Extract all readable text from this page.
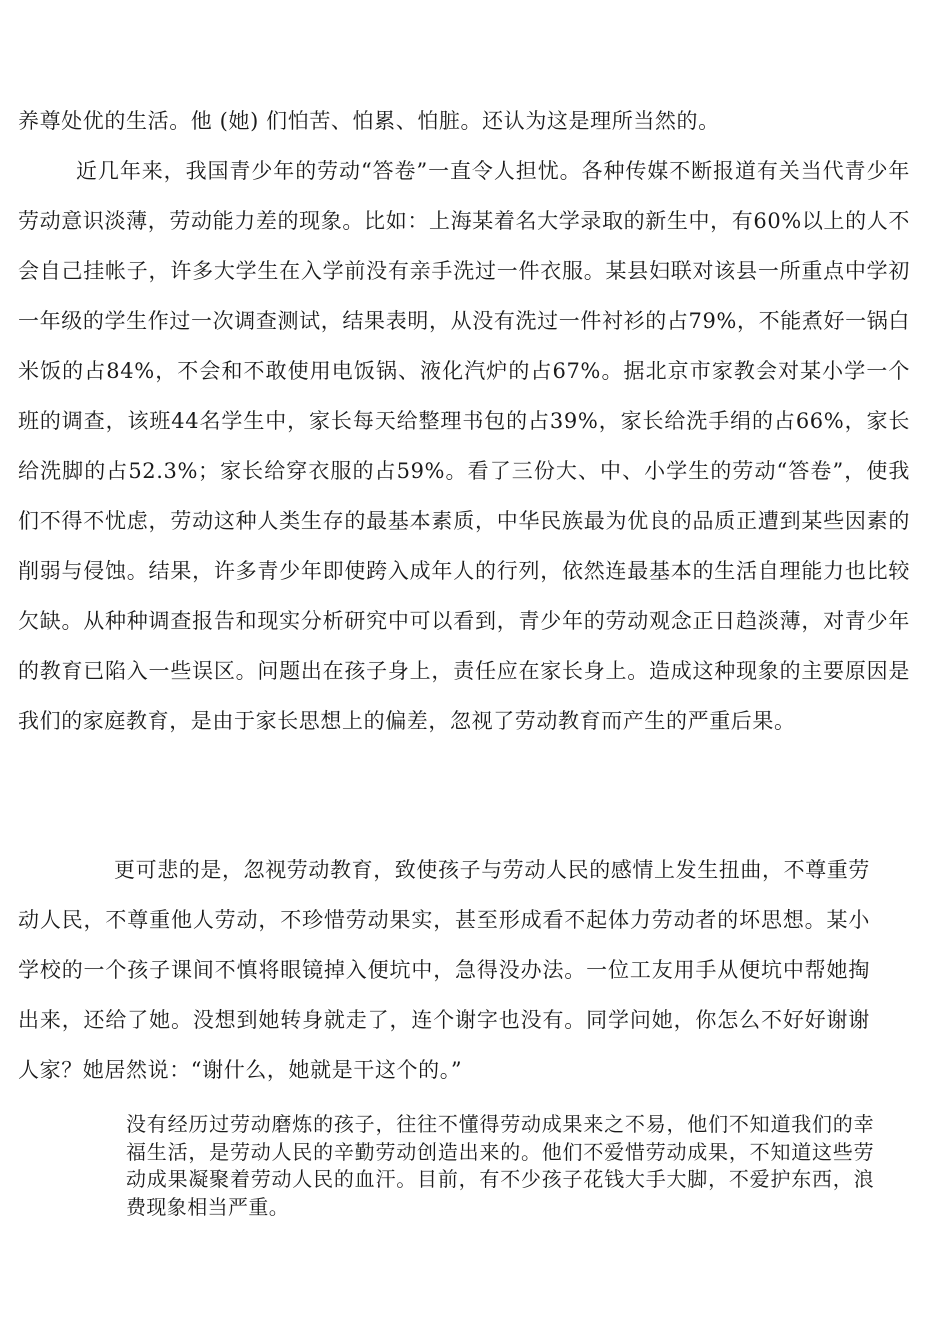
养尊处优的生活。他 (她) 们怕苦、怕累、怕脏。还认为这是理所当然的。

近几年来，我国青少年的劳动“答卷”一直令人担忧。各种传媒不断报道有关当代青少年劳动意识淡薄，劳动能力差的现象。比如：上海某着名大学录取的新生中，有60%以上的人不会自己挂帐子，许多大学生在入学前没有亲手洗过一件衣服。某县妇联对该县一所重点中学初一年级的学生作过一次调查测试，结果表明，从没有洗过一件衬衫的占79%，不能煮好一锅白米饭的占84%，不会和不敢使用电饭锅、液化汽炉的占67%。据北京市家教会对某小学一个班的调查，该班44名学生中，家长每天给整理书包的占39%，家长给洗手绢的占66%，家长给洗脚的占52.3%；家长给穿衣服的占59%。看了三份大、中、小学生的劳动“答卷”，使我们不得不忧虑，劳动这种人类生存的最基本素质，中华民族最为优良的品质正遭到某些因素的削弱与侵蚀。结果，许多青少年即使跨入成年人的行列，依然连最基本的生活自理能力也比较欠缺。从种种调查报告和现实分析研究中可以看到，青少年的劳动观念正日趋淡薄，对青少年的教育已陷入一些误区。问题出在孩子身上，责任应在家长身上。造成这种现象的主要原因是我们的家庭教育，是由于家长思想上的偏差，忽视了劳动教育而产生的严重后果。

更可悲的是，忽视劳动教育，致使孩子与劳动人民的感情上发生扭曲，不尊重劳动人民，不尊重他人劳动，不珍惜劳动果实，甚至形成看不起体力劳动者的坏思想。某小学校的一个孩子课间不慎将眼镜掉入便坑中，急得没办法。一位工友用手从便坑中帮她掏出来，还给了她。没想到她转身就走了，连个谢字也没有。同学问她，你怎么不好好谢谢人家？她居然说：“谢什么，她就是干这个的。”

没有经历过劳动磨炼的孩子，往往不懂得劳动成果来之不易，他们不知道我们的幸福生活，是劳动人民的辛勤劳动创造出来的。他们不爱惜劳动成果，不知道这些劳动成果凝聚着劳动人民的血汗。目前，有不少孩子花钱大手大脚，不爱护东西，浪费现象相当严重。
